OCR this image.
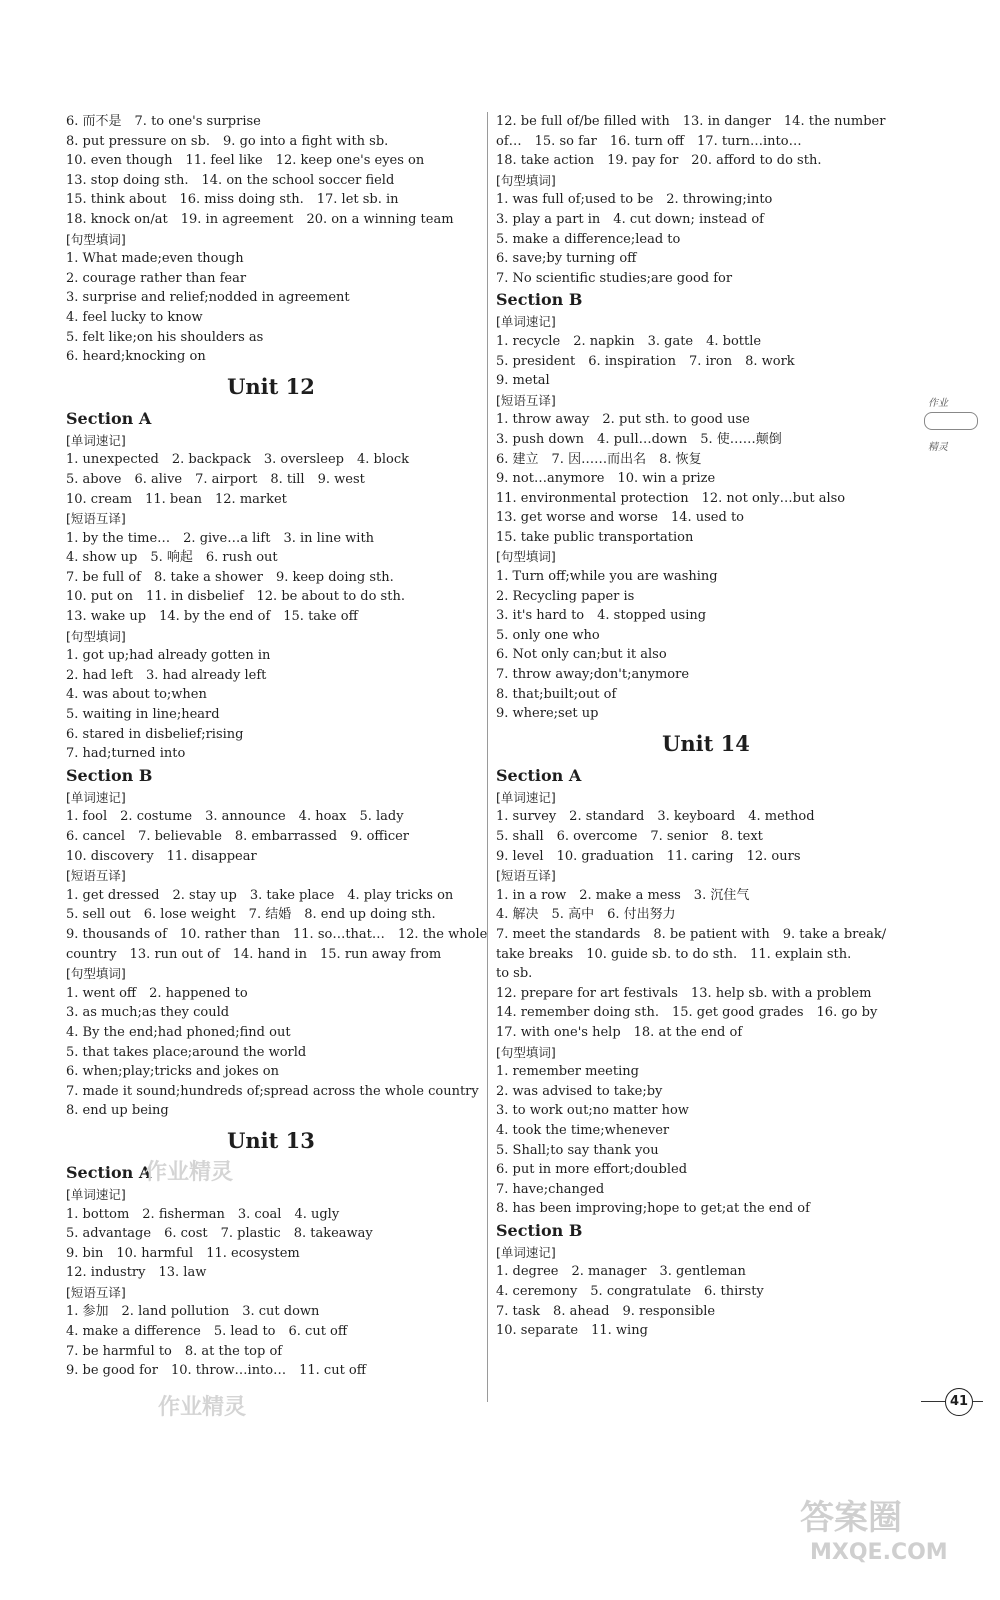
6. 而不是　7. to one's surprise
8. put pressure on sb.　9. go into a fight with sb.
10. even though　11. feel like　12. keep one's eyes on
13. stop doing sth.　14. on the school soccer field
15. think about　16. miss doing sth.　17. let sb. in
18. knock on/at　19. in agreement　20. on a winning team
[句型填词]
1. What made;even though
2. courage rather than fear
3. surprise and relief;nodded in agreement
4. feel lucky to know
5. felt like;on his shoulders as
6. heard;knocking on
Unit 12
Section A
[单词速记]
1. unexpected　2. backpack　3. oversleep　4. block
5. above　6. alive　7. airport　8. till　9. west
10. cream　11. bean　12. market
[短语互译]
1. by the time…　2. give…a lift　3. in line with
4. show up　5. 响起　6. rush out
7. be full of　8. take a shower　9. keep doing sth.
10. put on　11. in disbelief　12. be about to do sth.
13. wake up　14. by the end of　15. take off
[句型填词]
1. got up;had already gotten in
2. had left　3. had already left
4. was about to;when
5. waiting in line;heard
6. stared in disbelief;rising
7. had;turned into
Section B
[单词速记]
1. fool　2. costume　3. announce　4. hoax　5. lady
6. cancel　7. believable　8. embarrassed　9. officer
10. discovery　11. disappear
[短语互译]
1. get dressed　2. stay up　3. take place　4. play tricks on
5. sell out　6. lose weight　7. 结婚　8. end up doing sth.
9. thousands of　10. rather than　11. so…that…　12. the whole
country　13. run out of　14. hand in　15. run away from
[句型填词]
1. went off　2. happened to
3. as much;as they could
4. By the end;had phoned;find out
5. that takes place;around the world
6. when;play;tricks and jokes on
7. made it sound;hundreds of;spread across the whole country
8. end up being
Unit 13
Section A
[单词速记]
1. bottom　2. fisherman　3. coal　4. ugly
5. advantage　6. cost　7. plastic　8. takeaway
9. bin　10. harmful　11. ecosystem
12. industry　13. law
[短语互译]
1. 参加　2. land pollution　3. cut down
4. make a difference　5. lead to　6. cut off
7. be harmful to　8. at the top of
9. be good for　10. throw…into…　11. cut off
12. be full of/be filled with　13. in danger　14. the number
of…　15. so far　16. turn off　17. turn…into…
18. take action　19. pay for　20. afford to do sth.
[句型填词]
1. was full of;used to be　2. throwing;into
3. play a part in　4. cut down; instead of
5. make a difference;lead to
6. save;by turning off
7. No scientific studies;are good for
Section B
[单词速记]
1. recycle　2. napkin　3. gate　4. bottle
5. president　6. inspiration　7. iron　8. work
9. metal
[短语互译]
1. throw away　2. put sth. to good use
3. push down　4. pull…down　5. 使……颠倒
6. 建立　7. 因……而出名　8. 恢复
9. not…anymore　10. win a prize
11. environmental protection　12. not only…but also
13. get worse and worse　14. used to
15. take public transportation
[句型填词]
1. Turn off;while you are washing
2. Recycling paper is
3. it's hard to　4. stopped using
5. only one who
6. Not only can;but it also
7. throw away;don't;anymore
8. that;built;out of
9. where;set up
Unit 14
Section A
[单词速记]
1. survey　2. standard　3. keyboard　4. method
5. shall　6. overcome　7. senior　8. text
9. level　10. graduation　11. caring　12. ours
[短语互译]
1. in a row　2. make a mess　3. 沉住气
4. 解决　5. 高中　6. 付出努力
7. meet the standards　8. be patient with　9. take a break/
take breaks　10. guide sb. to do sth.　11. explain sth.
to sb.
12. prepare for art festivals　13. help sb. with a problem
14. remember doing sth.　15. get good grades　16. go by
17. with one's help　18. at the end of
[句型填词]
1. remember meeting
2. was advised to take;by
3. to work out;no matter how
4. took the time;whenever
5. Shall;to say thank you
6. put in more effort;doubled
7. have;changed
8. has been improving;hope to get;at the end of
Section B
[单词速记]
1. degree　2. manager　3. gentleman
4. ceremony　5. congratulate　6. thirsty
7. task　8. ahead　9. responsible
10. separate　11. wing
作业
精灵
41
作业精灵
作业精灵
答案圈
MXQE.COM
